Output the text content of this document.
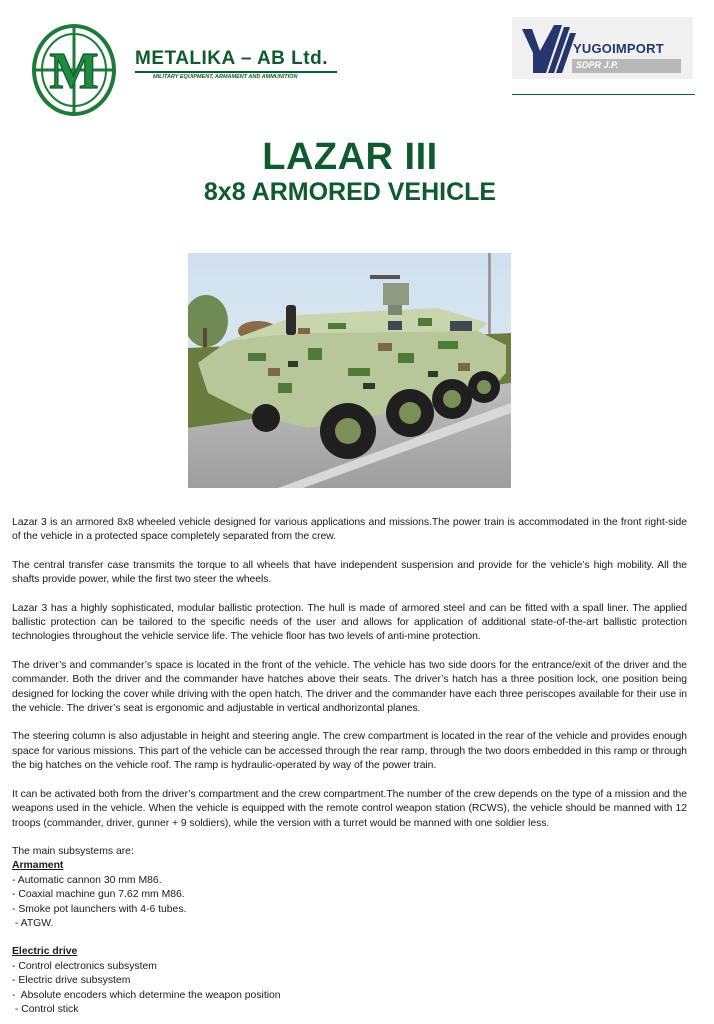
M METALIKA – AB Ltd.
MILITARY EQUIPMENT, ARMAMENT AND AMMUNITION
YUGOIMPORT
SDPR J.P.
LAZAR III
8x8 ARMORED VEHICLE

Lazar 3 is an armored 8x8 wheeled vehicle designed for various applications and missions.The power train is accommodated in the front right-side of the vehicle in a protected space completely separated from the crew.

The central transfer case transmits the torque to all wheels that have independent suspension and provide for the vehicle’s high mobility. All the shafts provide power, while the first two steer the wheels.

Lazar 3 has a highly sophisticated, modular ballistic protection. The hull is made of armored steel and can be fitted with a spall liner. The applied ballistic protection can be tailored to the specific needs of the user and allows for application of additional state-of-the-art ballistic protection technologies throughout the vehicle service life. The vehicle floor has two levels of anti-mine protection.

The driver’s and commander’s space is located in the front of the vehicle. The vehicle has two side doors for the entrance/exit of the driver and the commander. Both the driver and the commander have hatches above their seats. The driver’s hatch has a three position lock, one position being designed for locking the cover while driving with the open hatch. The driver and the commander have each three periscopes available for their use in the vehicle. The driver’s seat is ergonomic and adjustable in vertical andhorizontal planes.

The steering column is also adjustable in height and steering angle. The crew compartment is located in the rear of the vehicle and provides enough space for various missions. This part of the vehicle can be accessed through the rear ramp, through the two doors embedded in this ramp or through the big hatches on the vehicle roof. The ramp is hydraulic-operated by way of the power train.

It can be activated both from the driver’s compartment and the crew compartment.The number of the crew depends on the type of a mission and the weapons used in the vehicle. When the vehicle is equipped with the remote control weapon station (RCWS), the vehicle should be manned with 12 troops (commander, driver, gunner + 9 soldiers), while the version with a turret would be manned with one soldier less.

The main subsystems are:
Armament
- Automatic cannon 30 mm M86.
- Coaxial machine gun 7.62 mm M86.
- Smoke pot launchers with 4-6 tubes.
- ATGW.
Electric drive
- Control electronics subsystem
- Electric drive subsystem
-  Absolute encoders which determine the weapon position
- Control stick
